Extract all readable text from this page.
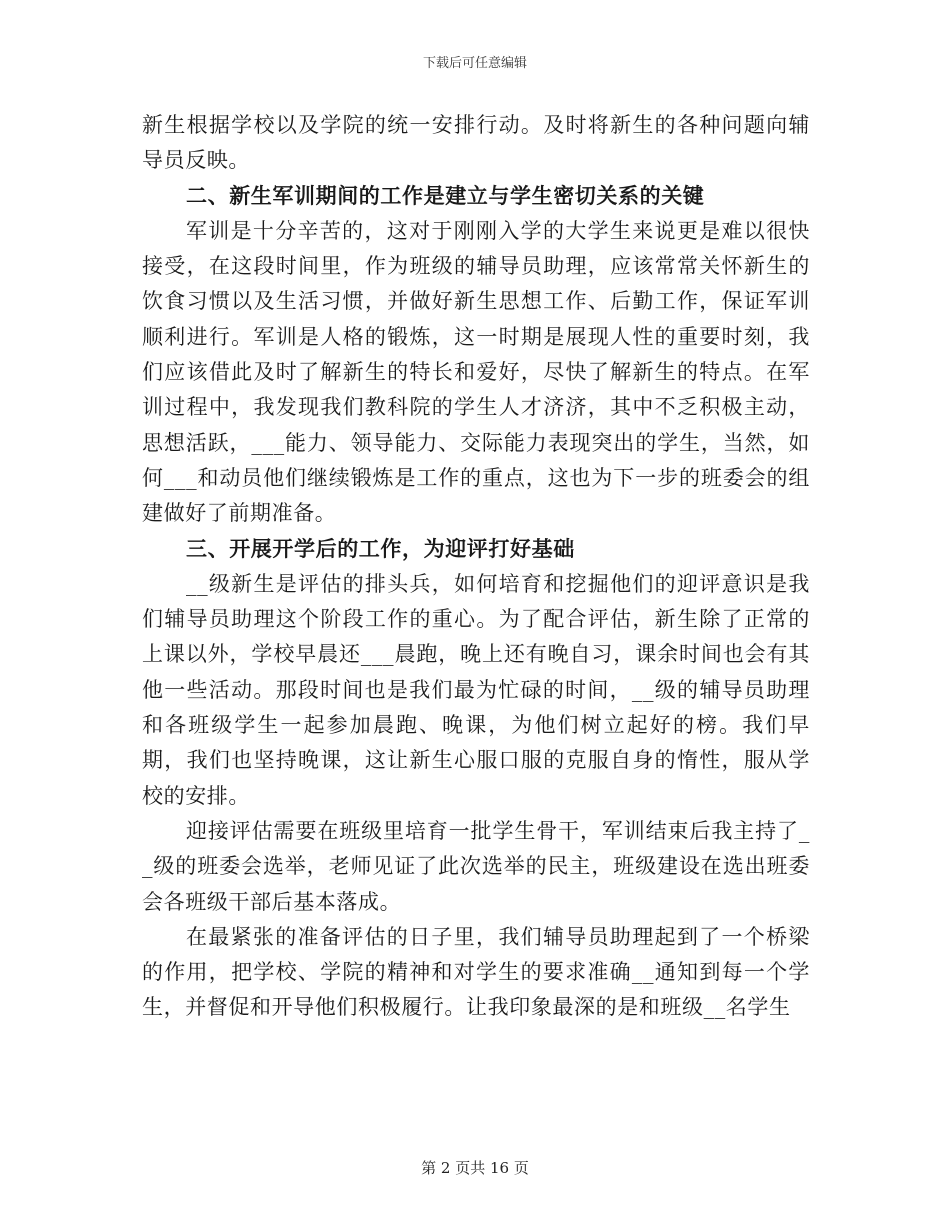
下载后可任意编辑

新生根据学校以及学院的统一安排行动。及时将新生的各种问题向辅导员反映。

二、新生军训期间的工作是建立与学生密切关系的关键

军训是十分辛苦的，这对于刚刚入学的大学生来说更是难以很快接受，在这段时间里，作为班级的辅导员助理，应该常常关怀新生的饮食习惯以及生活习惯，并做好新生思想工作、后勤工作，保证军训顺利进行。军训是人格的锻炼，这一时期是展现人性的重要时刻，我们应该借此及时了解新生的特长和爱好，尽快了解新生的特点。在军训过程中，我发现我们教科院的学生人才济济，其中不乏积极主动，思想活跃，___能力、领导能力、交际能力表现突出的学生，当然，如何___和动员他们继续锻炼是工作的重点，这也为下一步的班委会的组建做好了前期准备。

三、开展开学后的工作，为迎评打好基础

__级新生是评估的排头兵，如何培育和挖掘他们的迎评意识是我们辅导员助理这个阶段工作的重心。为了配合评估，新生除了正常的上课以外，学校早晨还___晨跑，晚上还有晚自习，课余时间也会有其他一些活动。那段时间也是我们最为忙碌的时间，__级的辅导员助理和各班级学生一起参加晨跑、晚课，为他们树立起好的榜。我们早期，我们也坚持晚课，这让新生心服口服的克服自身的惰性，服从学校的安排。

迎接评估需要在班级里培育一批学生骨干，军训结束后我主持了__级的班委会选举，老师见证了此次选举的民主，班级建设在选出班委会各班级干部后基本落成。

在最紧张的准备评估的日子里，我们辅导员助理起到了一个桥梁的作用，把学校、学院的精神和对学生的要求准确__通知到每一个学生，并督促和开导他们积极履行。让我印象最深的是和班级__名学生

第 2 页共 16 页
